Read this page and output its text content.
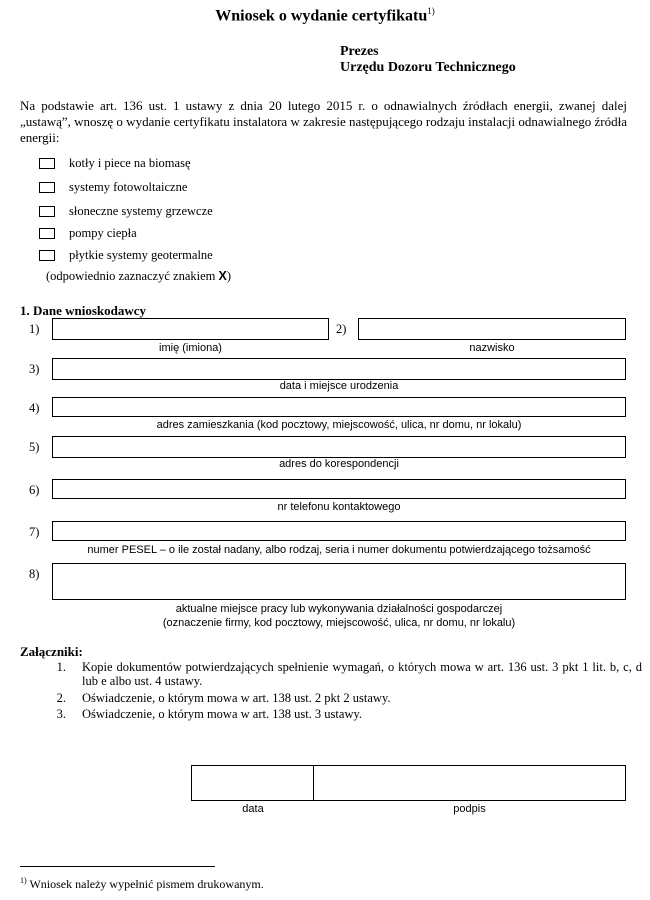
Wniosek o wydanie certyfikatu$^{1)}$
Prezes
Urzędu Dozoru Technicznego
Na podstawie art. 136 ust. 1 ustawy z dnia 20 lutego 2015 r. o odnawialnych źródłach energii, zwanej dalej „ustawą”, wnoszę o wydanie certyfikatu instalatora w zakresie następującego rodzaju instalacji odnawialnego źródła energii:
kotły i piece na biomasę
systemy fotowoltaiczne
słoneczne systemy grzewcze
pompy ciepła
płytkie systemy geotermalne
(odpowiednio zaznaczyć znakiem X)
1. Dane wnioskodawcy
1)
imię (imiona)
2)
nazwisko
3)
data i miejsce urodzenia
4)
adres zamieszkania (kod pocztowy, miejscowość, ulica, nr domu, nr lokalu)
5)
adres do korespondencji
6)
nr telefonu kontaktowego
7)
numer PESEL – o ile został nadany, albo rodzaj, seria i numer dokumentu potwierdzającego tożsamość
8)
aktualne miejsce pracy lub wykonywania działalności gospodarczej
(oznaczenie firmy, kod pocztowy, miejscowość, ulica, nr domu, nr lokalu)
Załączniki:
1. Kopie dokumentów potwierdzających spełnienie wymagań, o których mowa w art. 136 ust. 3 pkt 1 lit. b, c, d lub e albo ust. 4 ustawy.
2. Oświadczenie, o którym mowa w art. 138 ust. 2 pkt 2 ustawy.
3. Oświadczenie, o którym mowa w art. 138 ust. 3 ustawy.
data	podpis
$^{1)}$ Wniosek należy wypełnić pismem drukowanym.
